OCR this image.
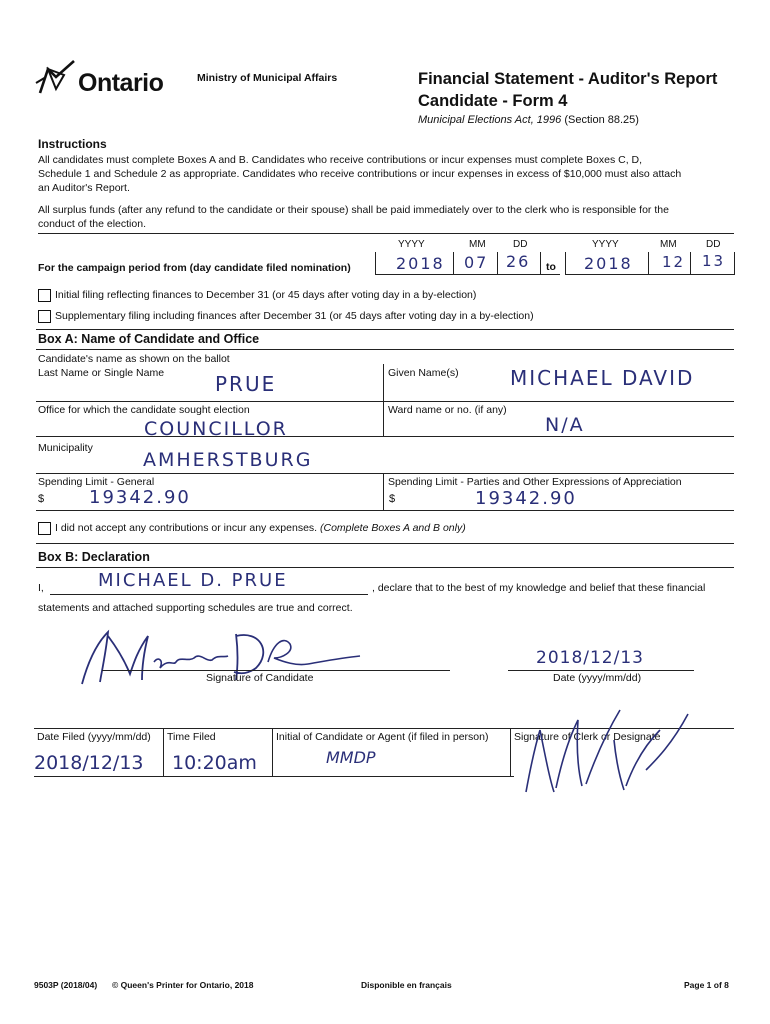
Ontario	Ministry of Municipal Affairs	Financial Statement - Auditor's Report
Candidate - Form 4
Municipal Elections Act, 1996 (Section 88.25)
Instructions
All candidates must complete Boxes A and B. Candidates who receive contributions or incur expenses must complete Boxes C, D, Schedule 1 and Schedule 2 as appropriate. Candidates who receive contributions or incur expenses in excess of $10,000 must also attach an Auditor's Report.
All surplus funds (after any refund to the candidate or their spouse) shall be paid immediately over to the clerk who is responsible for the conduct of the election.
YYYY	MM	DD	YYYY	MM	DD
For the campaign period from (day candidate filed nomination)	2018 07 26 to 2018 12 13
Initial filing reflecting finances to December 31 (or 45 days after voting day in a by-election)
Supplementary filing including finances after December 31 (or 45 days after voting day in a by-election)
Box A: Name of Candidate and Office
Candidate's name as shown on the ballot
Last Name or Single Name	PRUE	Given Name(s)	MICHAEL DAVID
Office for which the candidate sought election
COUNCILLOR
Ward name or no. (if any)
N/A
Municipality
AMHERSTBURG
Spending Limit - General
$ 19342.90
Spending Limit - Parties and Other Expressions of Appreciation
$	19342.90
I did not accept any contributions or incur any expenses. (Complete Boxes A and B only)
Box B: Declaration
I,	MICHAEL D. PRUE	, declare that to the best of my knowledge and belief that these financial
statements and attached supporting schedules are true and correct.
Signature of Candidate
2018/12/13
Date (yyyy/mm/dd)
Date Filed (yyyy/mm/dd)
2018/12/13
Time Filed
10:20am
Initial of Candidate or Agent (if filed in person)
MMDP
Signature of Clerk or Designate
9503P (2018/04) © Queen's Printer for Ontario, 2018	Disponible en français	Page 1 of 8
